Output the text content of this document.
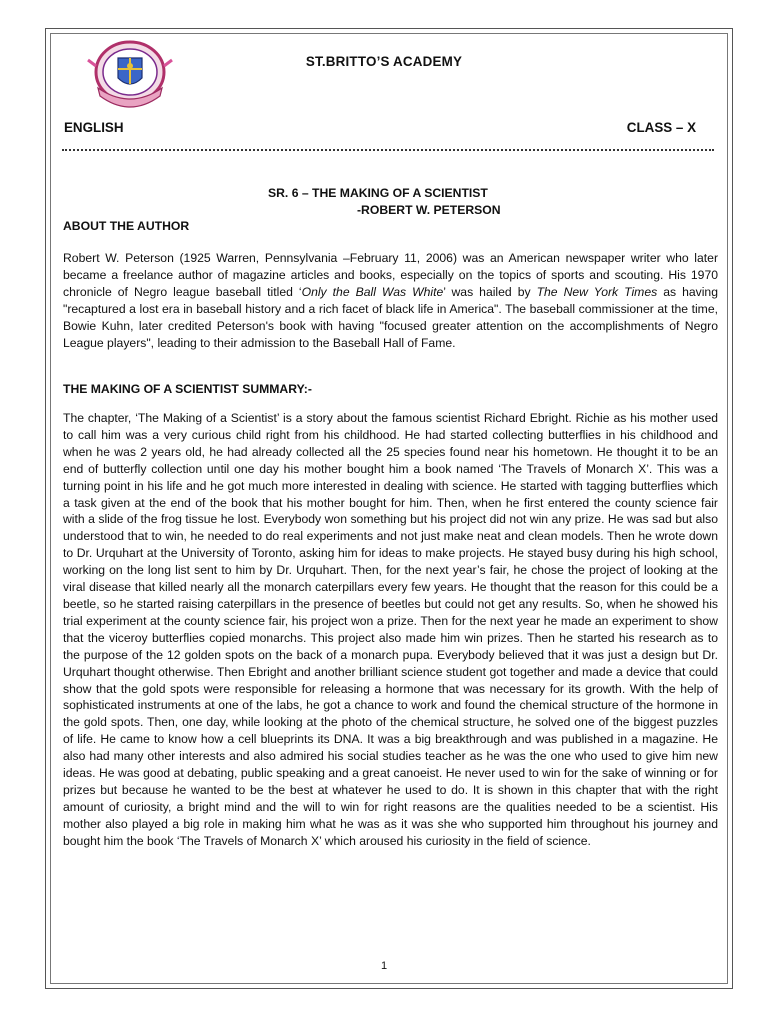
ST.BRITTO’S ACADEMY
ENGLISH	CLASS – X
SR. 6 – THE MAKING OF A SCIENTIST
-ROBERT W. PETERSON
ABOUT THE AUTHOR

Robert W. Peterson (1925 Warren, Pennsylvania –February 11, 2006) was an American newspaper writer who later became a freelance author of magazine articles and books, especially on the topics of sports and scouting. His 1970 chronicle of Negro league baseball titled ‘Only the Ball Was White’ was hailed by The New York Times as having "recaptured a lost era in baseball history and a rich facet of black life in America". The baseball commissioner at the time, Bowie Kuhn, later credited Peterson's book with having "focused greater attention on the accomplishments of Negro League players", leading to their admission to the Baseball Hall of Fame.

THE MAKING OF A SCIENTIST SUMMARY:-

The chapter, ‘The Making of a Scientist’ is a story about the famous scientist Richard Ebright. Richie as his mother used to call him was a very curious child right from his childhood. He had started collecting butterflies in his childhood and when he was 2 years old, he had already collected all the 25 species found near his hometown. He thought it to be an end of butterfly collection until one day his mother bought him a book named ‘The Travels of Monarch X’. This was a turning point in his life and he got much more interested in dealing with science. He started with tagging butterflies which a task given at the end of the book that his mother bought for him. Then, when he first entered the county science fair with a slide of the frog tissue he lost. Everybody won something but his project did not win any prize. He was sad but also understood that to win, he needed to do real experiments and not just make neat and clean models. Then he wrote down to Dr. Urquhart at the University of Toronto, asking him for ideas to make projects. He stayed busy during his high school, working on the long list sent to him by Dr. Urquhart. Then, for the next year’s fair, he chose the project of looking at the viral disease that killed nearly all the monarch caterpillars every few years. He thought that the reason for this could be a beetle, so he started raising caterpillars in the presence of beetles but could not get any results. So, when he showed his trial experiment at the county science fair, his project won a prize. Then for the next year he made an experiment to show that the viceroy butterflies copied monarchs. This project also made him win prizes. Then he started his research as to the purpose of the 12 golden spots on the back of a monarch pupa. Everybody believed that it was just a design but Dr. Urquhart thought otherwise. Then Ebright and another brilliant science student got together and made a device that could show that the gold spots were responsible for releasing a hormone that was necessary for its growth. With the help of sophisticated instruments at one of the labs, he got a chance to work and found the chemical structure of the hormone in the gold spots. Then, one day, while looking at the photo of the chemical structure, he solved one of the biggest puzzles of life. He came to know how a cell blueprints its DNA. It was a big breakthrough and was published in a magazine. He also had many other interests and also admired his social studies teacher as he was the one who used to give him new ideas. He was good at debating, public speaking and a great canoeist. He never used to win for the sake of winning or for prizes but because he wanted to be the best at whatever he used to do. It is shown in this chapter that with the right amount of curiosity, a bright mind and the will to win for right reasons are the qualities needed to be a scientist. His mother also played a big role in making him what he was as it was she who supported him throughout his journey and bought him the book ‘The Travels of Monarch X’ which aroused his curiosity in the field of science.

1
